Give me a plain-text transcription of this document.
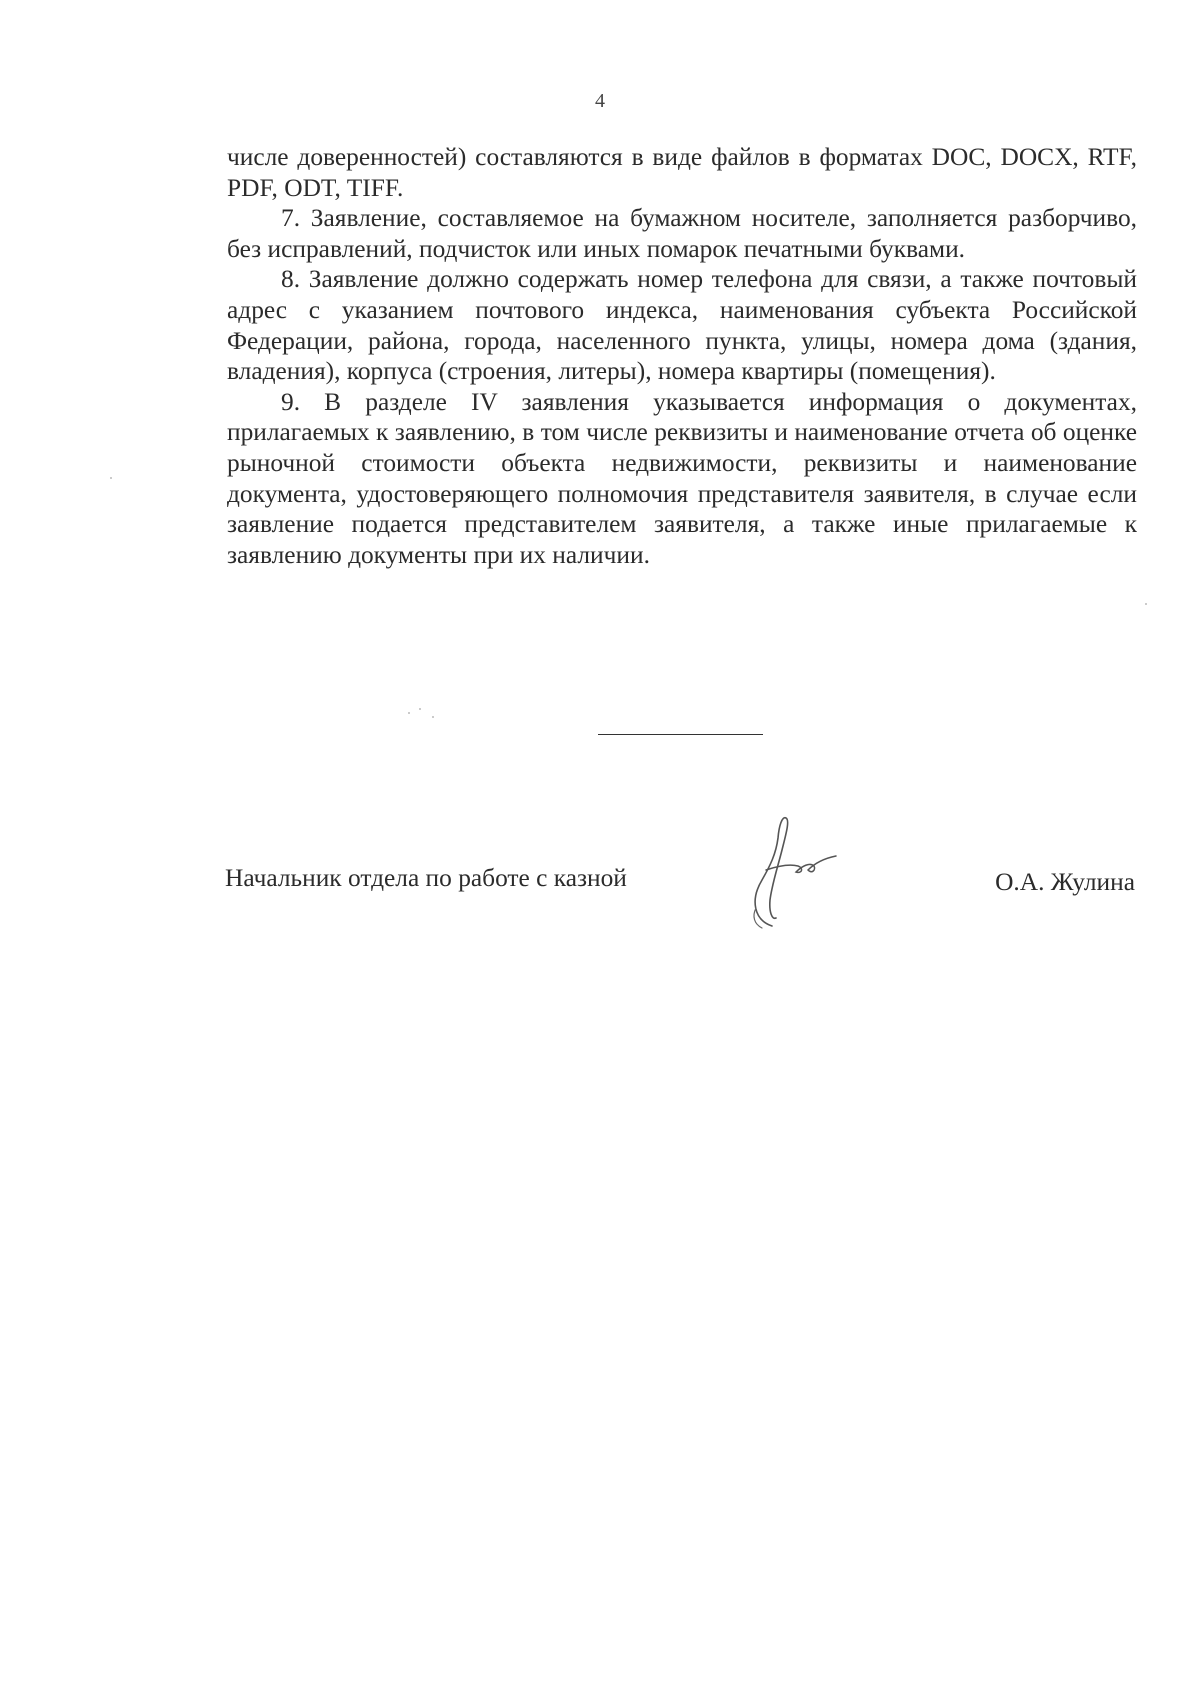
4

числе доверенностей) составляются в виде файлов в форматах DOC, DOCX, RTF, PDF, ODT, TIFF.

7. Заявление, составляемое на бумажном носителе, заполняется разборчиво, без исправлений, подчисток или иных помарок печатными буквами.

8. Заявление должно содержать номер телефона для связи, а также почтовый адрес с указанием почтового индекса, наименования субъекта Российской Федерации, района, города, населенного пункта, улицы, номера дома (здания, владения), корпуса (строения, литеры), номера квартиры (помещения).

9. В разделе IV заявления указывается информация о документах, прилагаемых к заявлению, в том числе реквизиты и наименование отчета об оценке рыночной стоимости объекта недвижимости, реквизиты и наименование документа, удостоверяющего полномочия представителя заявителя, в случае если заявление подается представителем заявителя, а также иные прилагаемые к заявлению документы при их наличии.

Начальник отдела по работе с казной	О.А. Жулина
